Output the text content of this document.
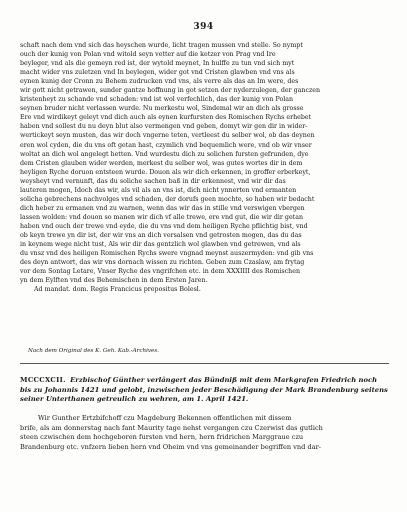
394
schaft nach dem vnd sich das heyschen wurde, licht tragen mussen vnd stelle. So nympt
ouch der kunig von Polan vnd witold seyn vetter auf die ketzer von Prag vnd Ire
beyleger, vnd als die gemeyn red ist, der wytold meynet, In hulffe zu tun vnd sich myt
macht wider vns zuletzen vnd In beylegen, wider got vnd Cristen glawben vnd vns als
eynen kunig der Cronn zu Behem zudrucken vnd vns, als verre als das an Im were, des
wir gott nicht getrawen, sunder gantze hoffnung in got setzen der nyderzulegen, der ganczen
kristenheyt zu schande vnd schaden: vnd ist wol verfechlich, das der kunig von Polan
seynen bruder nicht verlassen wurde. Nu merkestu wol, Sindemal wir an dich als grosse
Ere vnd wirdikeyt geleyt vnd dich auch als eynen kurfursten des Romischen Rychs erhebet
haben vnd sollest du nu deyn blut also vermengen vnd geben, domyt wir gen dir in wider-
wertickeyt seyn musten, das wir doch vngerne teten, vertleest du selber wol, ob das deynen
eren wol cyden, die du vns oft getan hast, czymlich vnd bequemlich were, vnd ob wir vnser
woltat an dich wol angelegt hetten. Vnd wurdestu dich zu solichen fursten gefrunden, dye
dem Cristen glauben wider werden, merkest du selber wol, was gutes wortes dir in dem
heyligen Ryche doruon entsteen wurde. Douon als wir dich erkennen, in groffer erberkeyt,
weysheyt vnd vernunft, das du soliche sachen baß in dir erkennest, vnd wir dir das
lauteren mogen, Idoch das wir, als vil als an vns ist, dich nicht ynnerten vnd ermanten
solicha gebrechens nachvolges vnd schaden, der dorufs geen mochte, so haben wir bedacht
dich heber zu ermanen vnd zu warnen, wenn das wir das in stille vnd verswigen vbergen
lassen wolden: vnd douon so manen wir dich vf alle trewe, ere vnd gut, die wir dir getan
haben vnd ouch der trewe vnd eyde, die du vns vnd dem heiligen Ryche pflichtig bist, vnd
ob keyn trewe yn dir ist, der wir vns an dich versalsen vnd getrosten mogen, das du das
in keynem wege nicht tust, Als wir dir das gentzlich wol glawben vnd getrewen, vnd als
du vnsz vnd des heiligen Romischen Rychs swere vngnad meynst auszermyden: vnd gib vns
des deyn antwort, das wir vns dornach wissen zu richten. Geben zum Czaslaw, am frytag
vor dem Sontag Letare, Vnser Ryche des vngrifchen etc. in dem XXXIIII des Romischen
yn dem Eylften vnd des Behemischen in dem Ersten Jaren.
Ad mandat. dom. Regis Francicus prepositus Bolesl.
Nach dem Original des K. Geh. Kab.-Archives.
MCCCXCII. Erzbischof Günther verlängert das Bündniß mit dem Markgrafen Friedrich noch
bis zu Johannis 1421 und gelobt, inzwischen jeder Beschädigung der Mark Brandenburg seitens
seiner Unterthanen getreulich zu wehren, am 1. April 1421.
Wir Gunther Ertzbifchoff czu Magdeburg Bekennen offentlichen mit dissem
brife, als am donnerstag nach fant Maurity tage nehst vergangen czu Czerwist das gutlich
steen czwischen dem hochgeboren fursten vnd hern, hern fridrichen Marggraue czu
Brandenburg etc. vnfzern lieben hern vnd Oheim vnd vns gemeinander begriffen vnd dar-
